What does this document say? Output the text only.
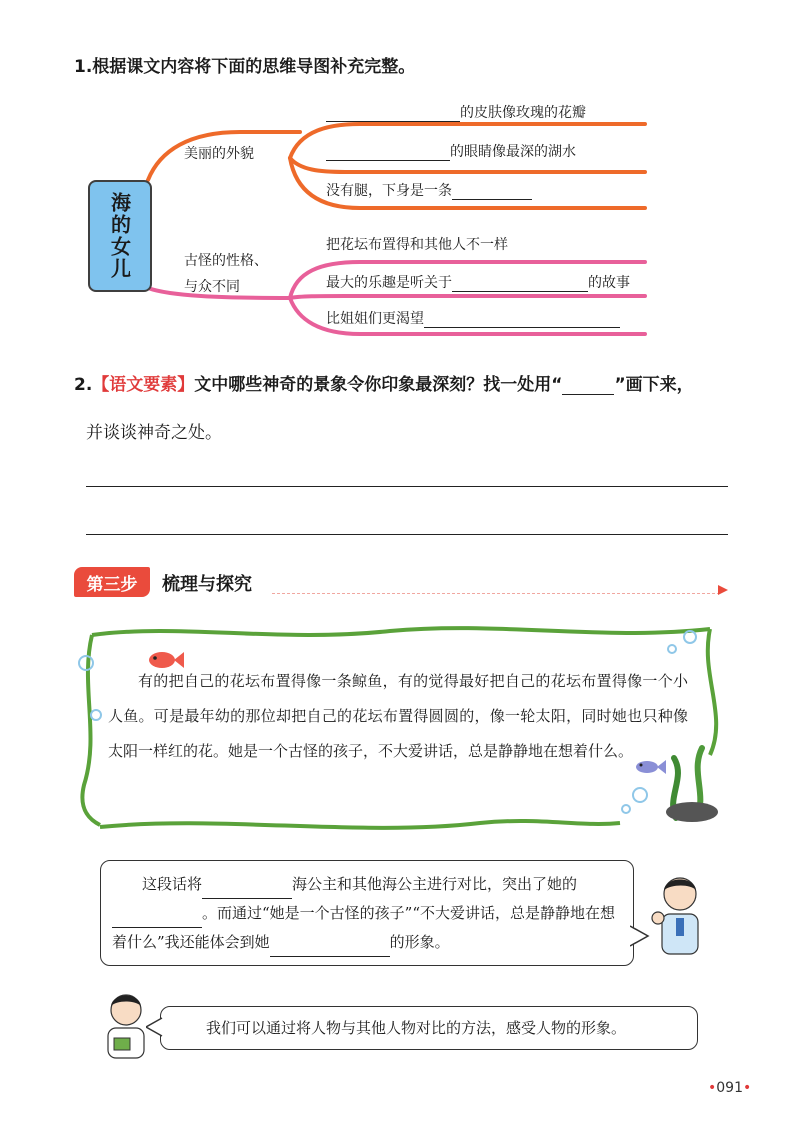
1.根据课文内容将下面的思维导图补充完整。
海的女儿
美丽的外貌
古怪的性格、
与众不同
的皮肤像玫瑰的花瓣
的眼睛像最深的湖水
没有腿，下身是一条
把花坛布置得和其他人不一样
最大的乐趣是听关于	的故事
比姐姐们更渴望
2.【语文要素】文中哪些神奇的景象令你印象最深刻？找一处用“	”画下来，
并谈谈神奇之处。
第三步	梳理与探究
有的把自己的花坛布置得像一条鲸鱼，有的觉得最好把自己的花坛布置得像一个小人鱼。可是最年幼的那位却把自己的花坛布置得圆圆的，像一轮太阳，同时她也只种像太阳一样红的花。她是一个古怪的孩子，不大爱讲话，总是静静地在想着什么。
这段话将	海公主和其他海公主进行对比，突出了她的。而通过“她是一个古怪的孩子”“不大爱讲话，总是静静地在想着什么”我还能体会到她	的形象。
我们可以通过将人物与其他人物对比的方法，感受人物的形象。
•091•
